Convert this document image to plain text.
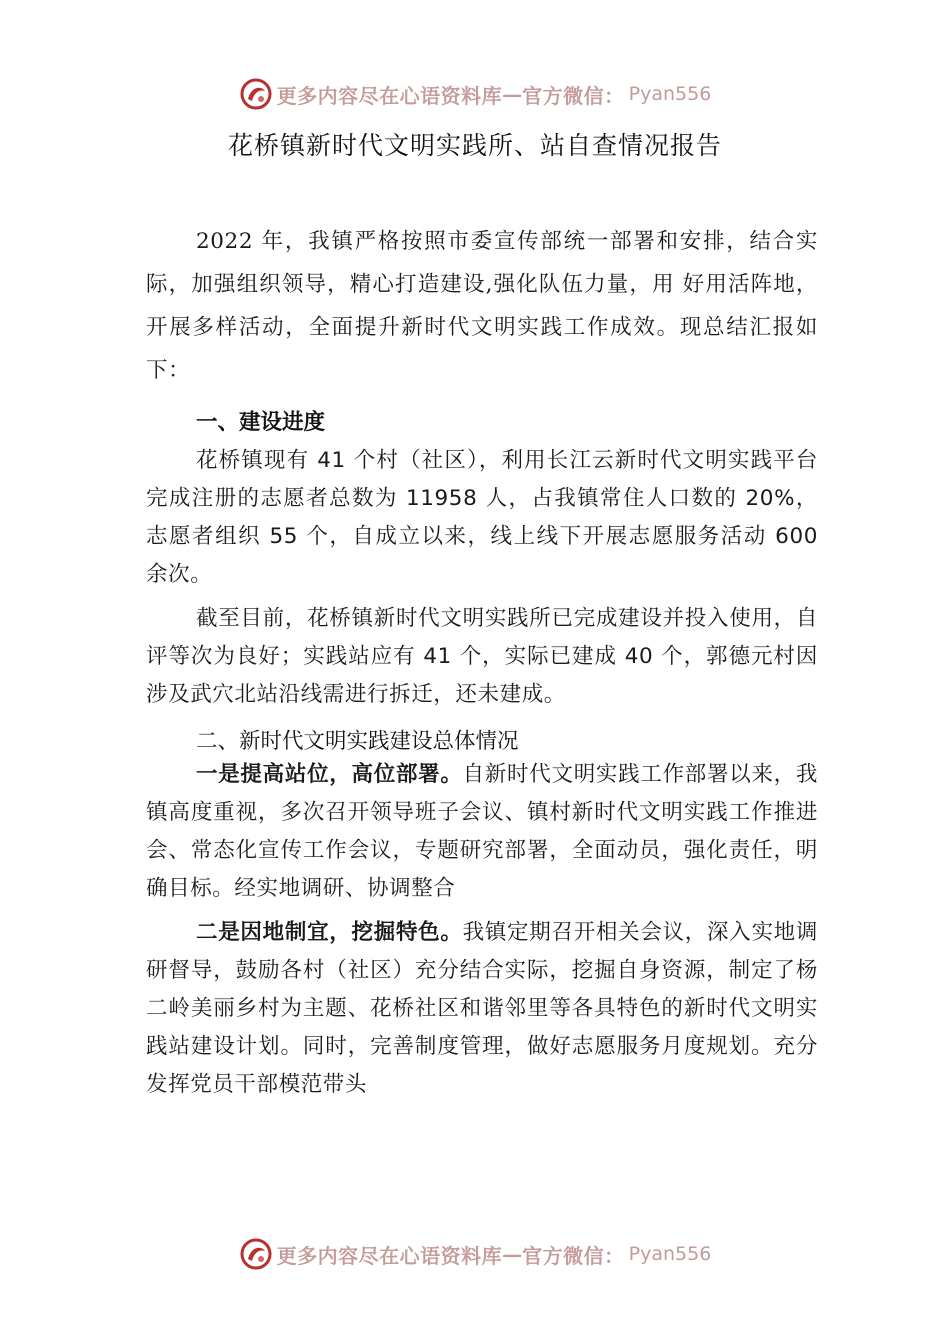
更多内容尽在心语资料库 — 官方微信： Pyan556
花桥镇新时代文明实践所、站自查情况报告

2022 年，我镇严格按照市委宣传部统一部署和安排，结合实际，加强组织领导，精心打造建设,强化队伍力量，用 好用活阵地，开展多样活动，全面提升新时代文明实践工作成效。现总结汇报如下：

一、建设进度

花桥镇现有 41 个村（社区），利用长江云新时代文明实践平台完成注册的志愿者总数为 11958 人，占我镇常住人口数的 20%，志愿者组织 55 个，自成立以来，线上线下开展志愿服务活动 600 余次。

截至目前，花桥镇新时代文明实践所已完成建设并投入使用，自评等次为良好；实践站应有 41 个，实际已建成 40 个，郭德元村因涉及武穴北站沿线需进行拆迁，还未建成。

二、新时代文明实践建设总体情况

一是提高站位，高位部署。自新时代文明实践工作部署以来，我镇高度重视，多次召开领导班子会议、镇村新时代文明实践工作推进会、常态化宣传工作会议，专题研究部署，全面动员，强化责任，明确目标。经实地调研、协调整合

二是因地制宜，挖掘特色。我镇定期召开相关会议，深入实地调研督导，鼓励各村（社区）充分结合实际，挖掘自身资源，制定了杨二岭美丽乡村为主题、花桥社区和谐邻里等各具特色的新时代文明实践站建设计划。同时，完善制度管理，做好志愿服务月度规划。充分发挥党员干部模范带头

更多内容尽在心语资料库 — 官方微信： Pyan556
